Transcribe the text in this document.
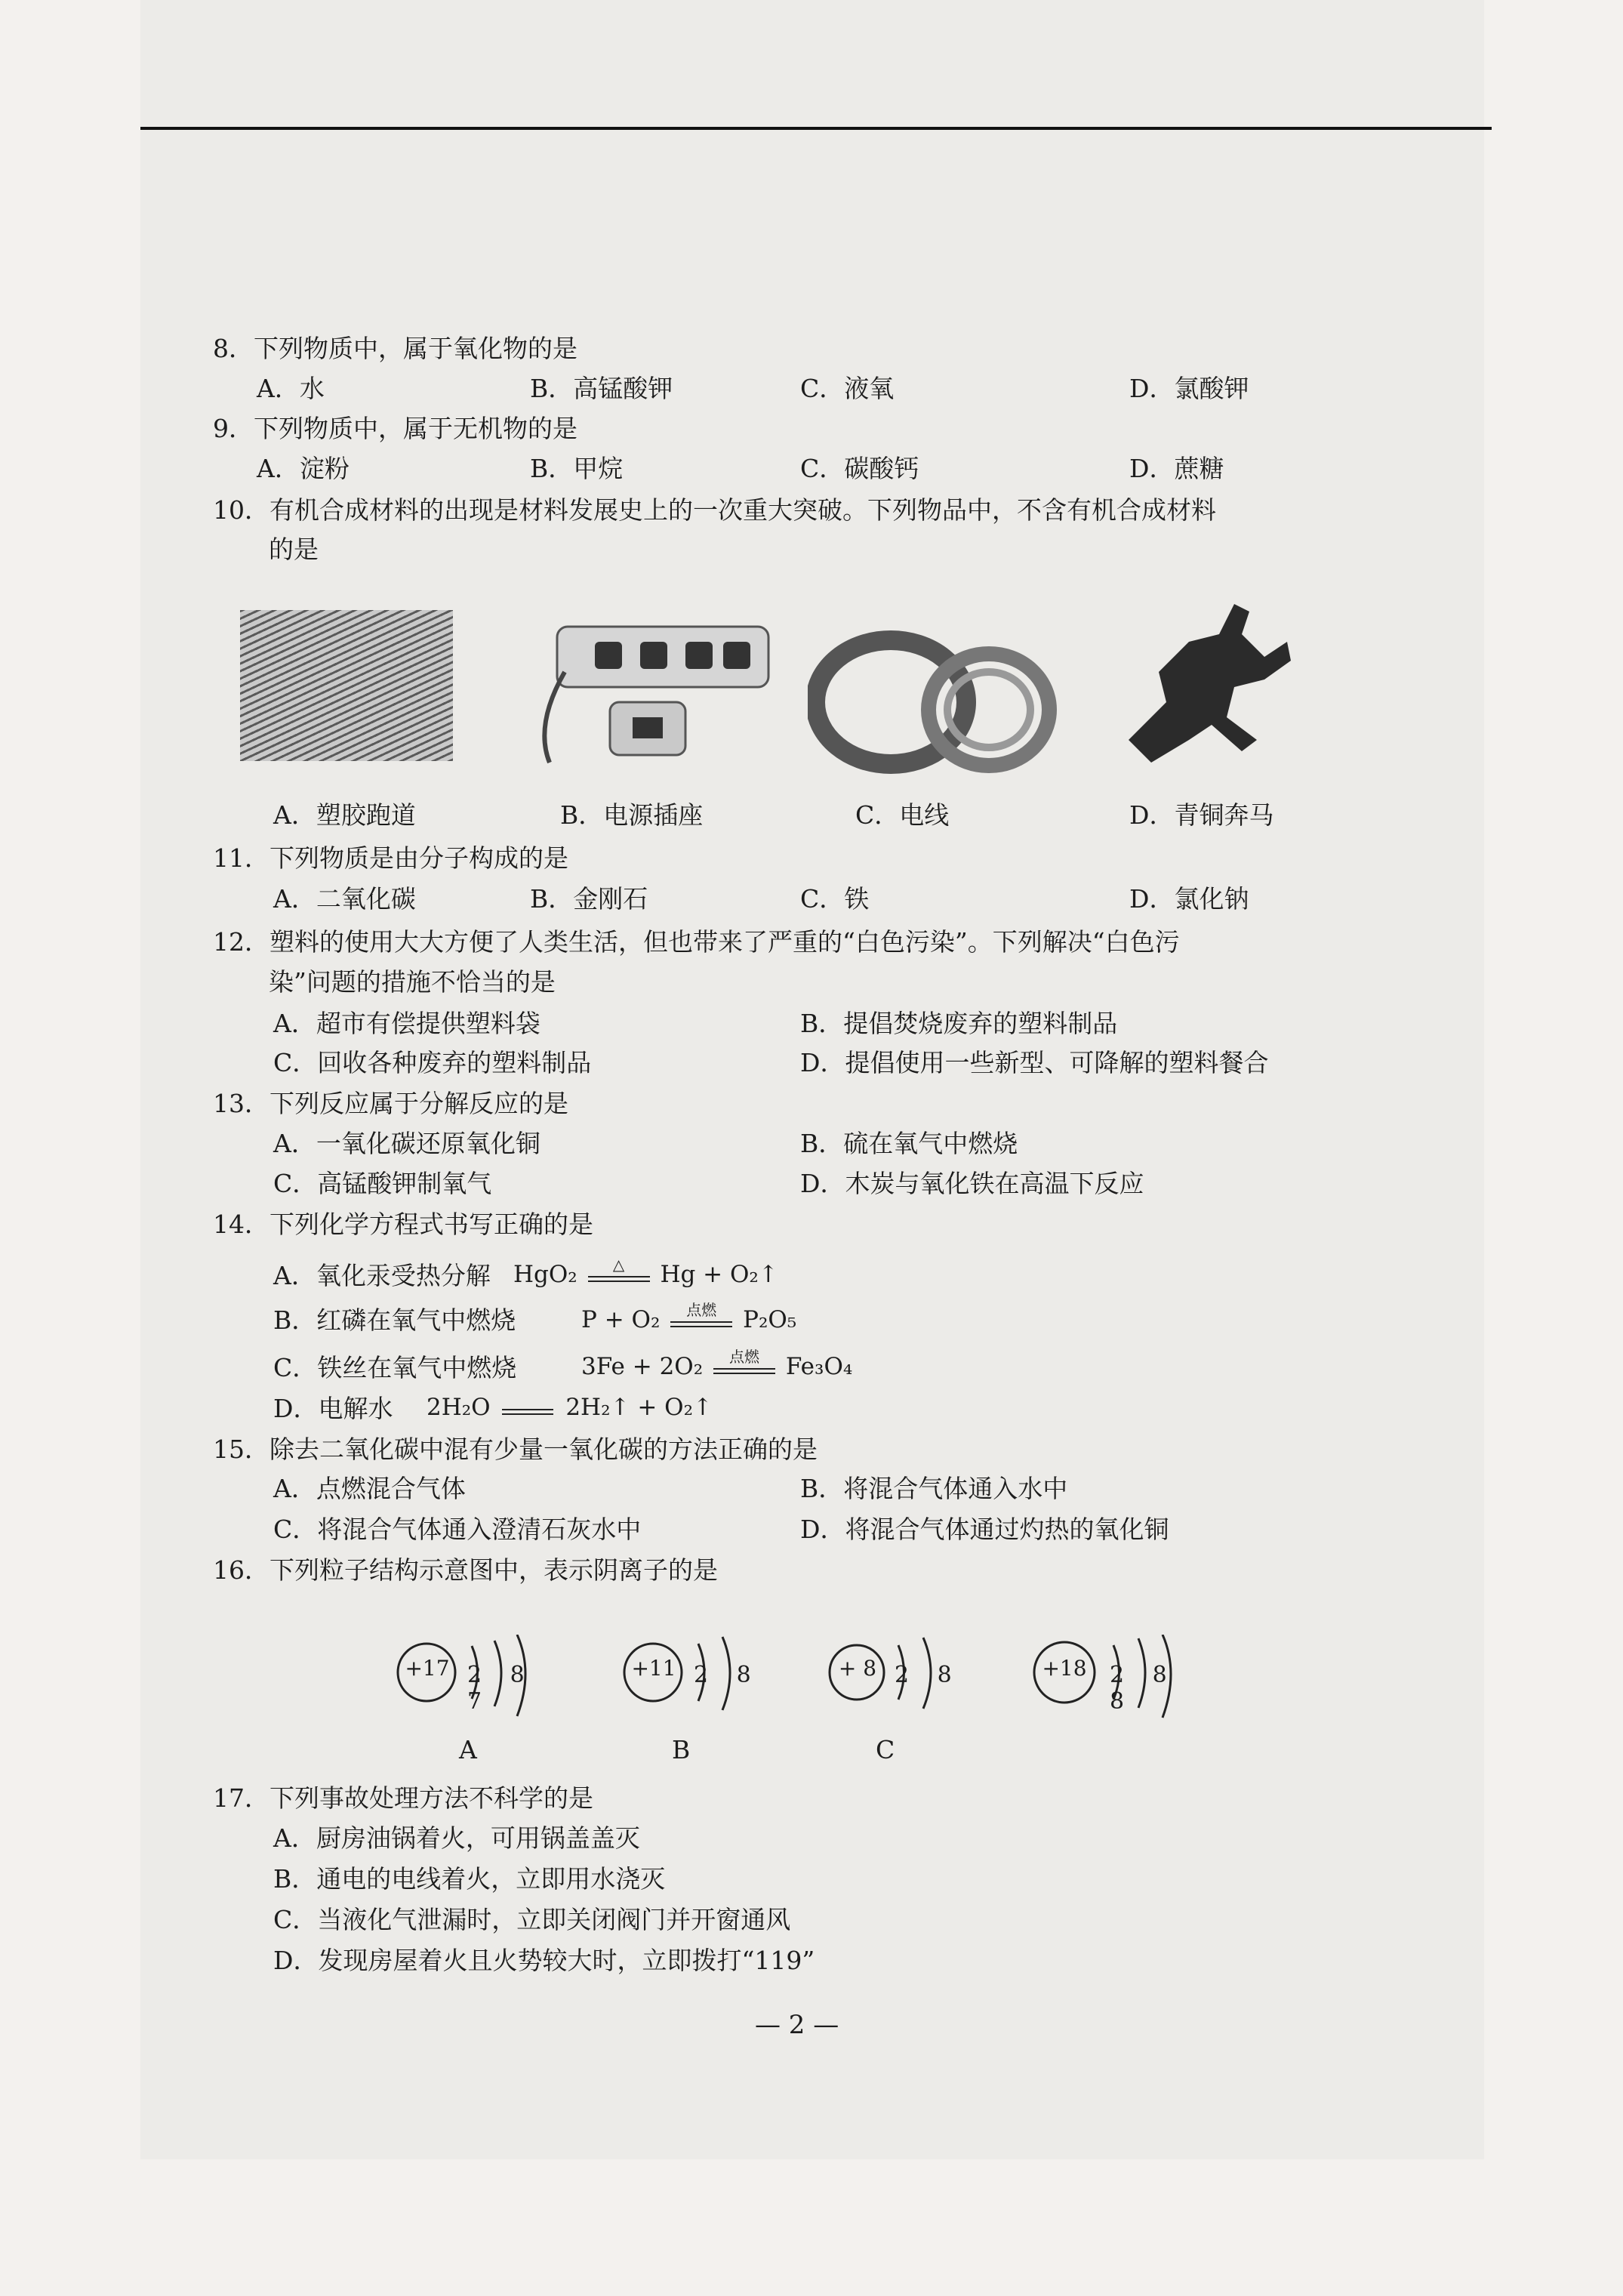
8．下列物质中，属于氧化物的是
A．水	B．高锰酸钾	C．液氧	D．氯酸钾
9．下列物质中，属于无机物的是
A．淀粉	B．甲烷	C．碳酸钙	D．蔗糖
10．有机合成材料的出现是材料发展史上的一次重大突破。下列物品中，不含有机合成材料
的是
A．塑胶跑道	B．电源插座	C．电线	D．青铜奔马
11．下列物质是由分子构成的是
A．二氧化碳	B．金刚石	C．铁	D．氯化钠
12．塑料的使用大大方便了人类生活，但也带来了严重的“白色污染”。下列解决“白色污
染”问题的措施不恰当的是
A．超市有偿提供塑料袋	B．提倡焚烧废弃的塑料制品
C．回收各种废弃的塑料制品	D．提倡使用一些新型、可降解的塑料餐合
13．下列反应属于分解反应的是
A．一氧化碳还原氧化铜	B．硫在氧气中燃烧
C．高锰酸钾制氧气	D．木炭与氧化铁在高温下反应
14．下列化学方程式书写正确的是
A．氧化汞受热分解 HgO₂ △ Hg + O₂↑
B．红磷在氧气中燃烧	P + O₂ $^{点燃}$ P₂O₅
C．铁丝在氧气中燃烧	3Fe + 2O₂ $^{点燃}$ Fe₃O₄
D．电解水 2H₂O	2H₂↑ + O₂↑
15．除去二氧化碳中混有少量一氧化碳的方法正确的是
A．点燃混合气体	B．将混合气体通入水中
C．将混合气体通入澄清石灰水中	D．将混合气体通过灼热的氧化铜
16．下列粒子结构示意图中，表示阴离子的是
+17 2 8 7
A
+11 2 8
B
+ 8 2 8
C
+18	2 8 8
17．下列事故处理方法不科学的是
A．厨房油锅着火，可用锅盖盖灭
B．通电的电线着火，立即用水浇灭
C．当液化气泄漏时，立即关闭阀门并开窗通风
D．发现房屋着火且火势较大时，立即拨打“119”
— 2 —
